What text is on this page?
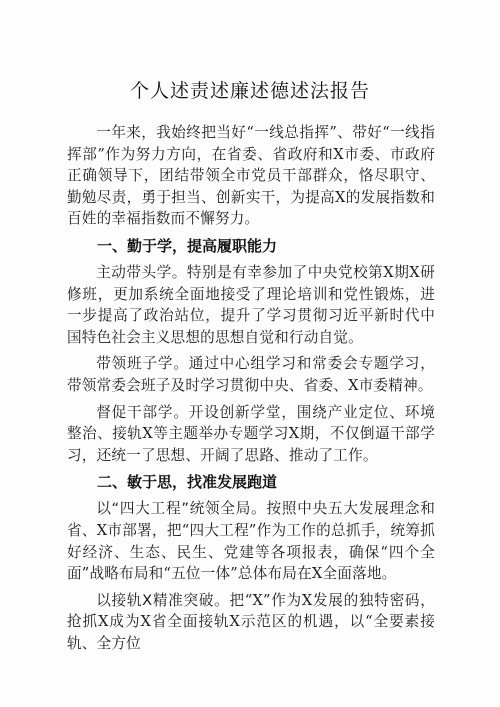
个人述责述廉述德述法报告

一年来，我始终把当好“一线总指挥”、带好“一线指挥部”作为努力方向，在省委、省政府和X市委、市政府正确领导下，团结带领全市党员干部群众，恪尽职守、勤勉尽责，勇于担当、创新实干，为提高X的发展指数和百姓的幸福指数而不懈努力。

一、勤于学，提高履职能力

主动带头学。特别是有幸参加了中央党校第X期X研修班，更加系统全面地接受了理论培训和党性锻炼，进一步提高了政治站位，提升了学习贯彻习近平新时代中国特色社会主义思想的思想自觉和行动自觉。

带领班子学。通过中心组学习和常委会专题学习，带领常委会班子及时学习贯彻中央、省委、X市委精神。

督促干部学。开设创新学堂，围绕产业定位、环境整治、接轨X等主题举办专题学习X期，不仅倒逼干部学习，还统一了思想、开阔了思路、推动了工作。

二、敏于思，找准发展跑道

以“四大工程”统领全局。按照中央五大发展理念和省、X市部署，把“四大工程”作为工作的总抓手，统筹抓好经济、生态、民生、党建等各项报表，确保“四个全面”战略布局和“五位一体”总体布局在X全面落地。

以接轨X精准突破。把“X”作为X发展的独特密码，抢抓X成为X省全面接轨X示范区的机遇，以“全要素接轨、全方位
